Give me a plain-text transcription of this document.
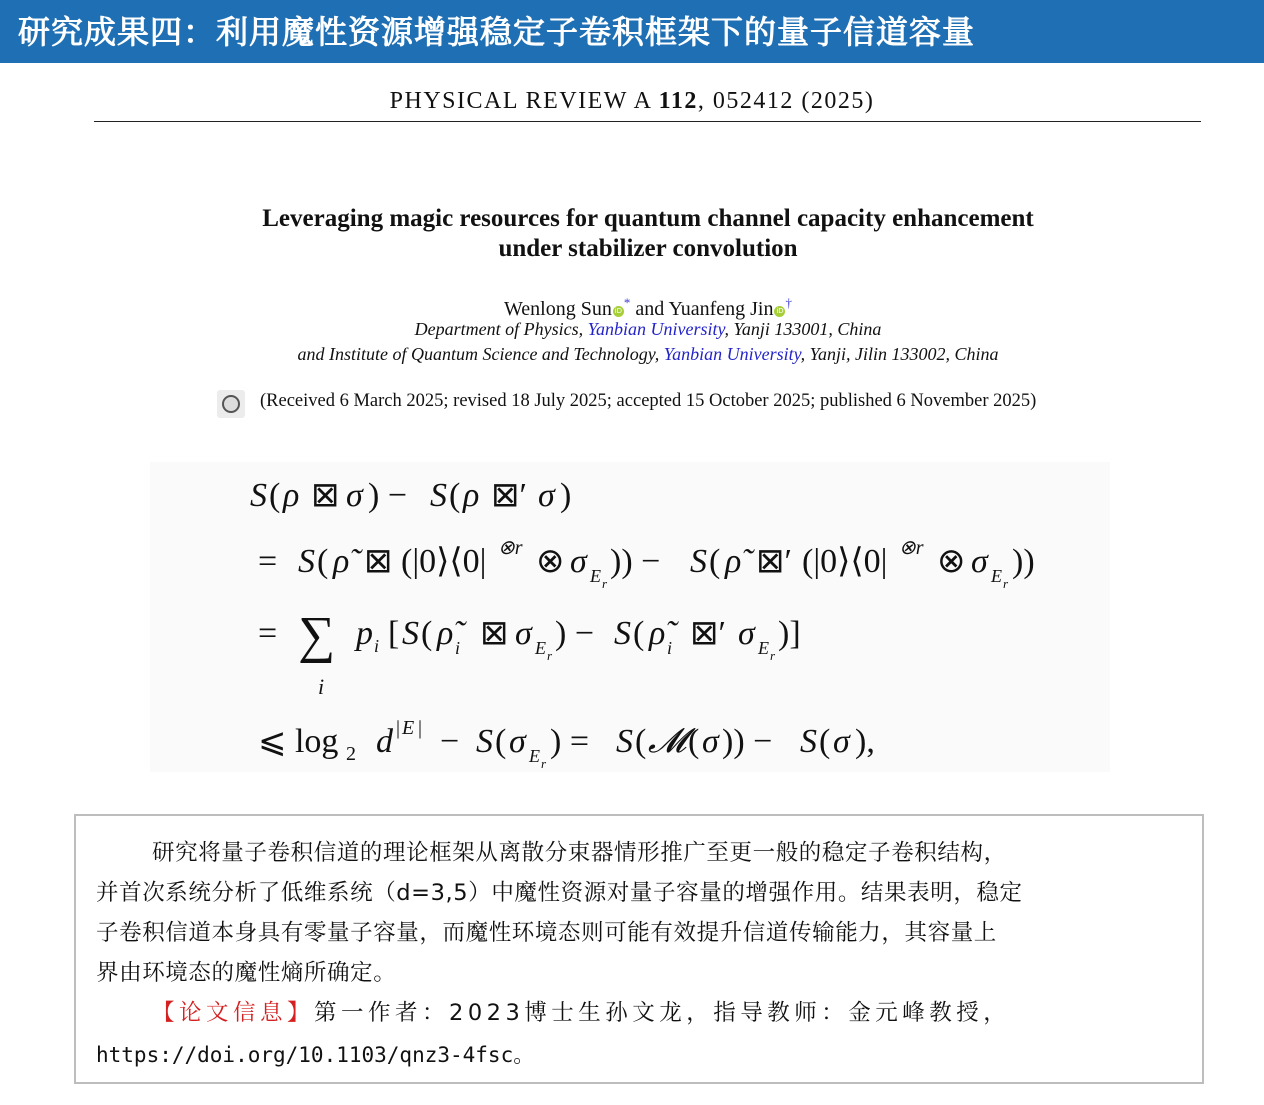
研究成果四：利用魔性资源增强稳定子卷积框架下的量子信道容量
PHYSICAL REVIEW A 112, 052412 (2025)
Leveraging magic resources for quantum channel capacity enhancement
under stabilizer convolution
Wenlong Sun iD* and Yuanfeng Jin iD†
Department of Physics, Yanbian University, Yanji 133001, China
and Institute of Quantum Science and Technology, Yanbian University, Yanji, Jilin 133002, China
(Received 6 March 2025; revised 18 July 2025; accepted 15 October 2025; published 6 November 2025)
S ( ρ ⊠ σ ) − S ( ρ ⊠′ σ )
= S ( ρ̃ ⊠ (|0⟩⟨0| ⊗r ⊗ σ E r
)) − S ( ρ̃ ⊠′ (|0⟩⟨0| ⊗r ⊗ σ E r
))
= ∑
i
p i [ S ( ρ̃ i ⊠ σ E r
) − S ( ρ̃ i ⊠′ σ E r
)]
⩽ log 2 d | E | − S ( σ E r
) = S ( 𝓜 ( σ )) − S ( σ ),
研究将量子卷积信道的理论框架从离散分束器情形推广至更一般的稳定子卷积结构，
并首次系统分析了低维系统（d=3,5）中魔性资源对量子容量的增强作用。结果表明，稳定
子卷积信道本身具有零量子容量，而魔性环境态则可能有效提升信道传输能力，其容量上
界由环境态的魔性熵所确定。
【论文信息】第一作者：2023博士生孙文龙，指导教师：金元峰教授，
https://doi.org/10.1103/qnz3-4fsc。
